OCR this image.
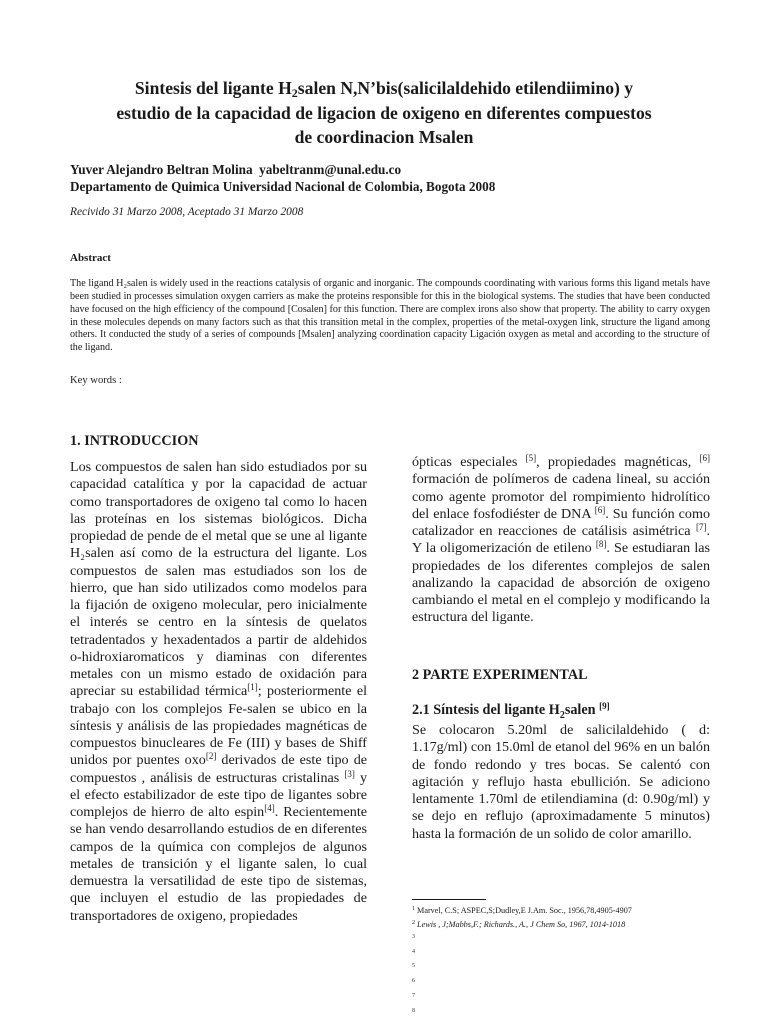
Sintesis del ligante $H_2salen$ N,N’bis(salicilaldehido etilendiimino) y
estudio de la capacidad de ligacion de oxigeno en diferentes compuestos
de coordinacion Msalen
Yuver Alejandro Beltran Molina  yabeltranm@unal.edu.co
Departamento de Quimica Universidad Nacional de Colombia, Bogota 2008
Recivido 31 Marzo 2008, Aceptado 31 Marzo 2008
Abstract
The ligand H₂salen is widely used in the reactions catalysis of organic and inorganic. The compounds coordinating with various forms this ligand metals have been studied in processes simulation oxygen carriers as make the proteins responsible for this in the biological systems. The studies that have been conducted have focused on the high efficiency of the compound [Cosalen] for this function. There are complex irons also show that property. The ability to carry oxygen in these molecules depends on many factors such as that this transition metal in the complex, properties of the metal-oxygen link, structure the ligand among others. It conducted the study of a series of compounds [Msalen] analyzing coordination capacity Ligación oxygen as metal and according to the structure of the ligand.
Key words :
1. INTRODUCCION

Los compuestos de salen han sido estudiados por su capacidad catalítica y por la capacidad de actuar como transportadores de oxigeno tal como lo hacen las proteínas en los sistemas biológicos. Dicha propiedad de pende de el metal que se une al ligante H₂salen así como de la estructura del ligante. Los compuestos de salen mas estudiados son los de hierro, que han sido utilizados como modelos para la fijación de oxigeno molecular, pero inicialmente el interés se centro en la síntesis de quelatos tetradentados y hexadentados a partir de aldehidos o-hidroxiaromaticos y diaminas con diferentes metales con un mismo estado de oxidación para apreciar su estabilidad térmica[1]; posteriormente el trabajo con los complejos Fe-salen se ubico en la síntesis y análisis de las propiedades magnéticas de compuestos binucleares de Fe (III) y bases de Shiff unidos por puentes oxo[2] derivados de este tipo de compuestos , análisis de estructuras cristalinas [3] y el efecto estabilizador de este tipo de ligantes sobre complejos de hierro de alto espin[4]. Recientemente se han vendo desarrollando estudios de en diferentes campos de la química con complejos de algunos metales de transición y el ligante salen, lo cual demuestra la versatilidad de este tipo de sistemas, que incluyen el estudio de las propiedades de transportadores de oxigeno, propiedades

ópticas especiales [5], propiedades magnéticas, [6] formación de polímeros de cadena lineal, su acción como agente promotor del rompimiento hidrolítico del enlace fosfodiéster de DNA [6]. Su función como catalizador en reacciones de catálisis asimétrica [7]. Y la oligomerización de etileno [8]. Se estudiaran las propiedades de los diferentes complejos de salen analizando la capacidad de absorción de oxigeno cambiando el metal en el complejo y modificando la estructura del ligante.

2 PARTE EXPERIMENTAL
2.1 Síntesis del ligante $H_2salen$ [9]

Se colocaron 5.20ml de salicilaldehido ( d: 1.17g/ml) con 15.0ml de etanol del 96% en un balón de fondo redondo y tres bocas. Se calentó con agitación y reflujo hasta ebullición. Se adiciono lentamente 1.70ml de etilendiamina (d: 0.90g/ml) y se dejo en reflujo (aproximadamente 5 minutos) hasta la formación de un solido de color amarillo.

$^1$ Marvel, C.S; ASPEC,S;Dudley,E J.Am. Soc., 1956,78,4905-4907
$^2$ Lewis , J;Mabbs,F.; Richards., A., J Chem So, 1967, 1014-1018
3
4
5
6
7
8
